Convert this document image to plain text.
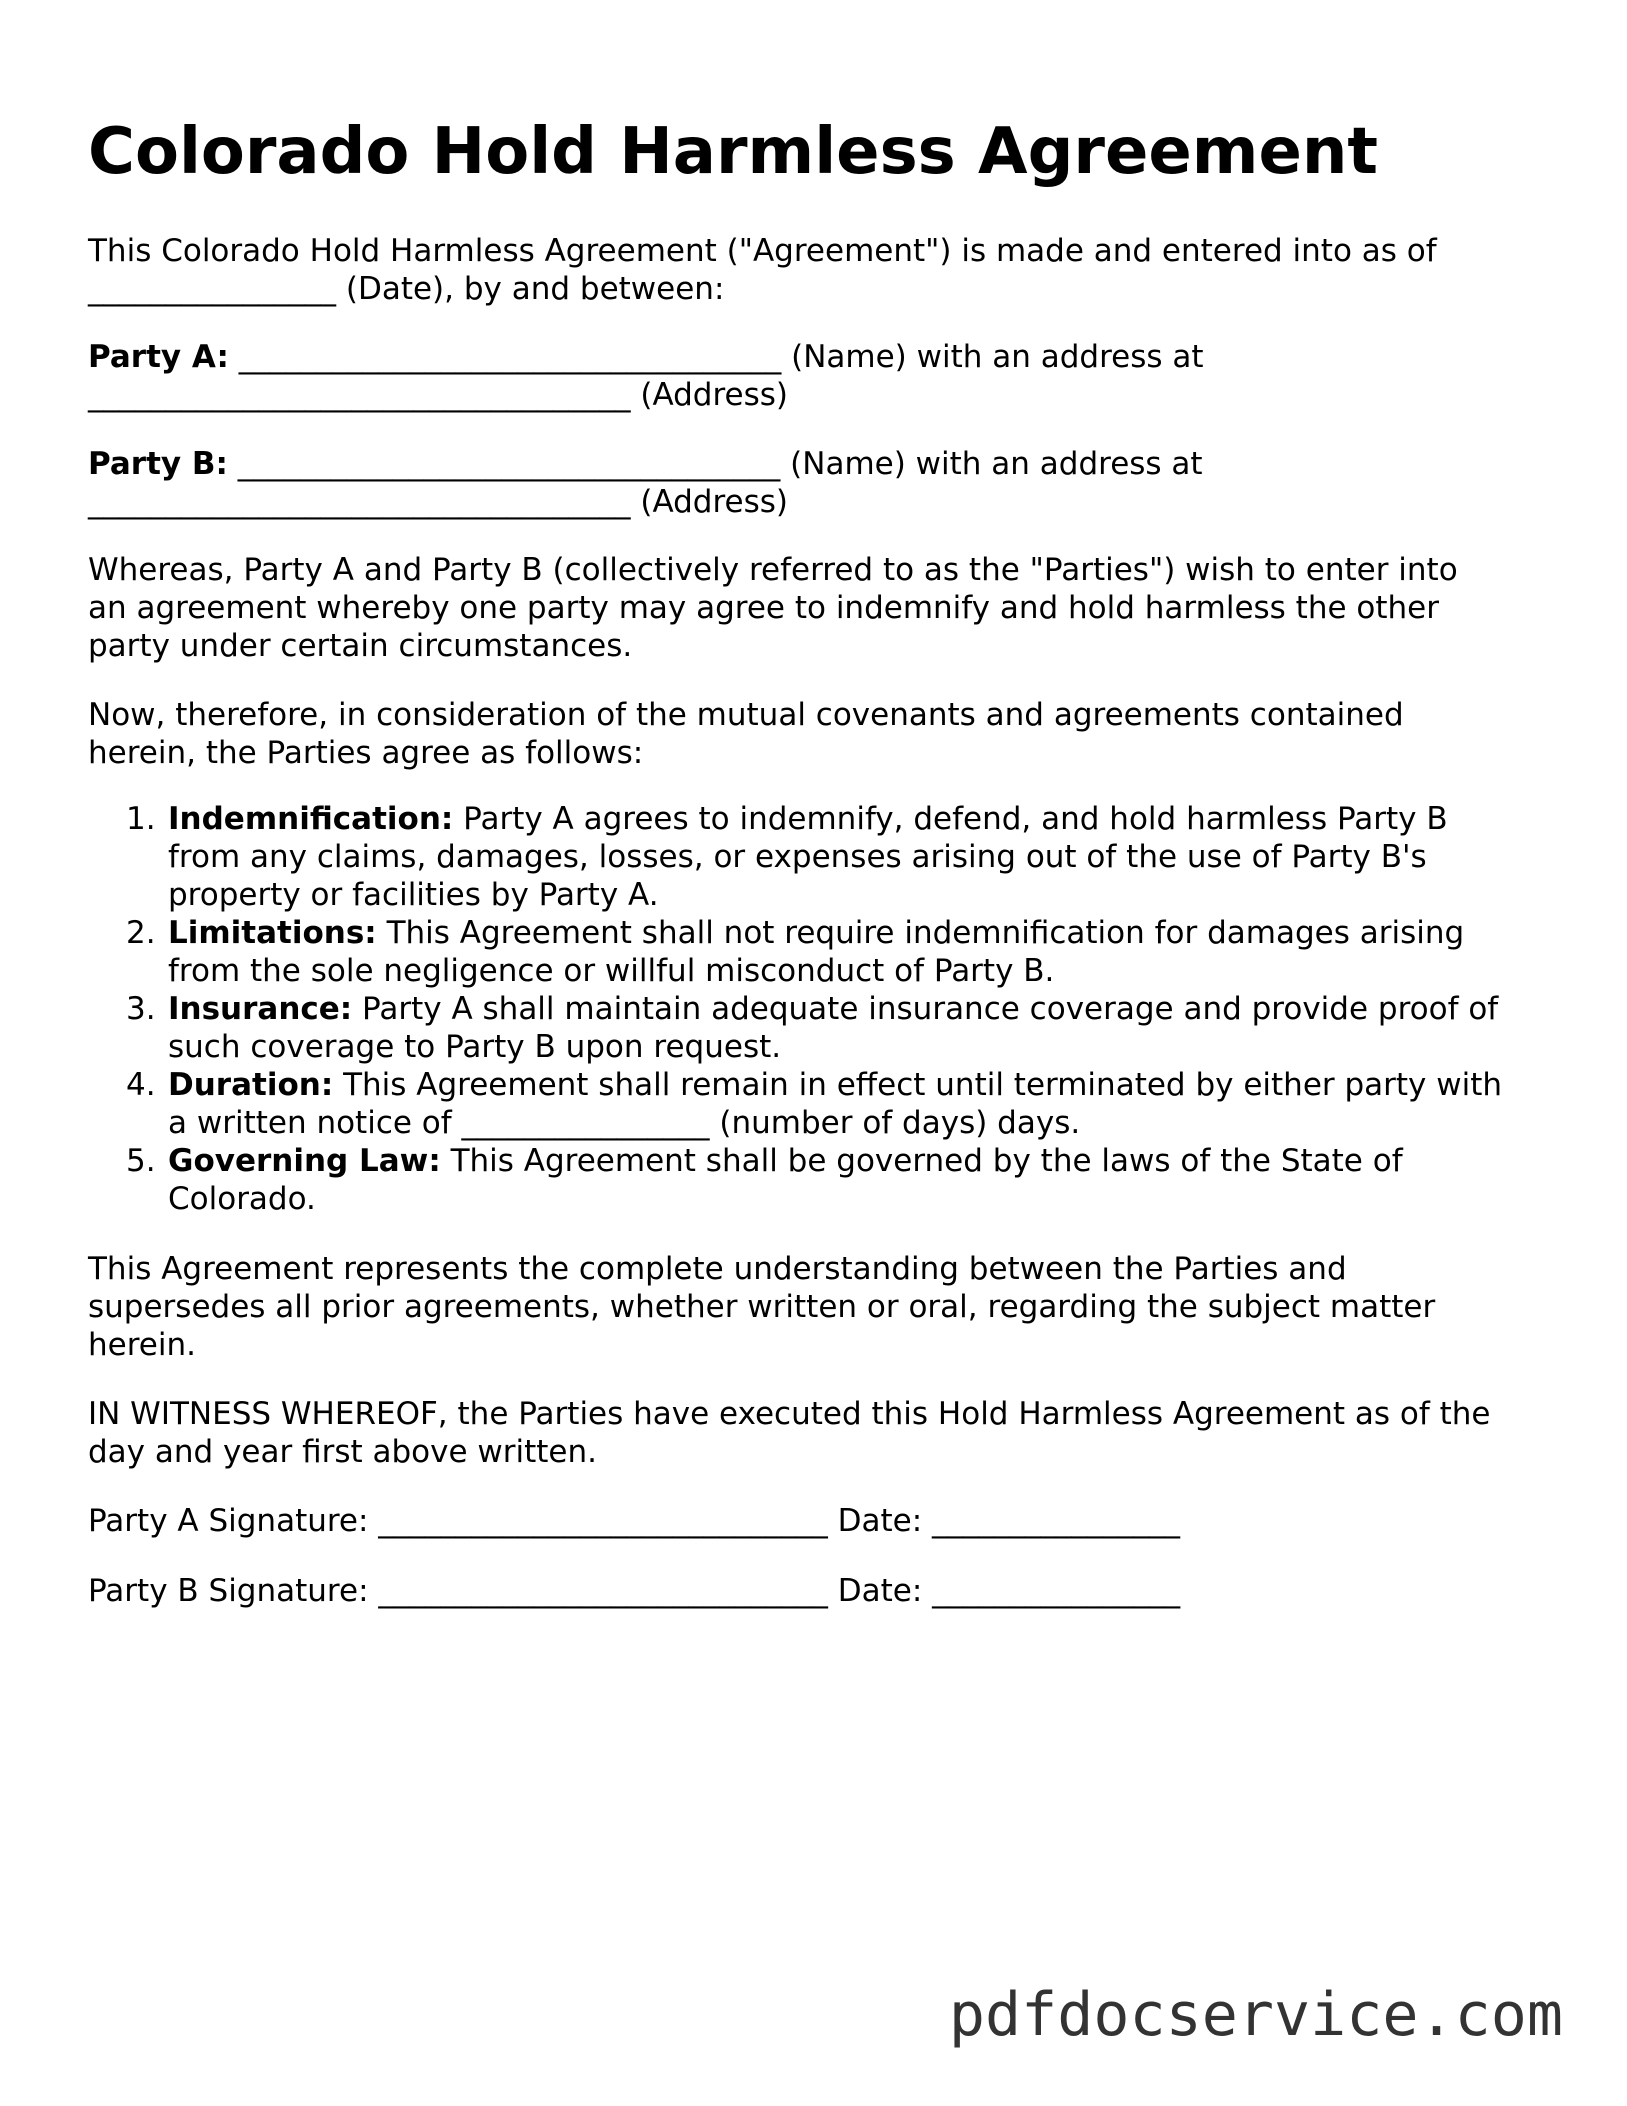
Colorado Hold Harmless Agreement

This Colorado Hold Harmless Agreement ("Agreement") is made and entered into as of
________________ (Date), by and between:

Party A: ___________________________________ (Name) with an address at
___________________________________ (Address)

Party B: ___________________________________ (Name) with an address at
___________________________________ (Address)

Whereas, Party A and Party B (collectively referred to as the "Parties") wish to enter into
an agreement whereby one party may agree to indemnify and hold harmless the other
party under certain circumstances.

Now, therefore, in consideration of the mutual covenants and agreements contained
herein, the Parties agree as follows:

1. Indemnification: Party A agrees to indemnify, defend, and hold harmless Party B
from any claims, damages, losses, or expenses arising out of the use of Party B's
property or facilities by Party A.
2. Limitations: This Agreement shall not require indemnification for damages arising
from the sole negligence or willful misconduct of Party B.
3. Insurance: Party A shall maintain adequate insurance coverage and provide proof of
such coverage to Party B upon request.
4. Duration: This Agreement shall remain in effect until terminated by either party with
a written notice of ________________ (number of days) days.
5. Governing Law: This Agreement shall be governed by the laws of the State of
Colorado.

This Agreement represents the complete understanding between the Parties and
supersedes all prior agreements, whether written or oral, regarding the subject matter
herein.

IN WITNESS WHEREOF, the Parties have executed this Hold Harmless Agreement as of the
day and year first above written.

Party A Signature: _____________________________ Date: ________________
Party B Signature: _____________________________ Date: ________________
pdfdocservice.com
